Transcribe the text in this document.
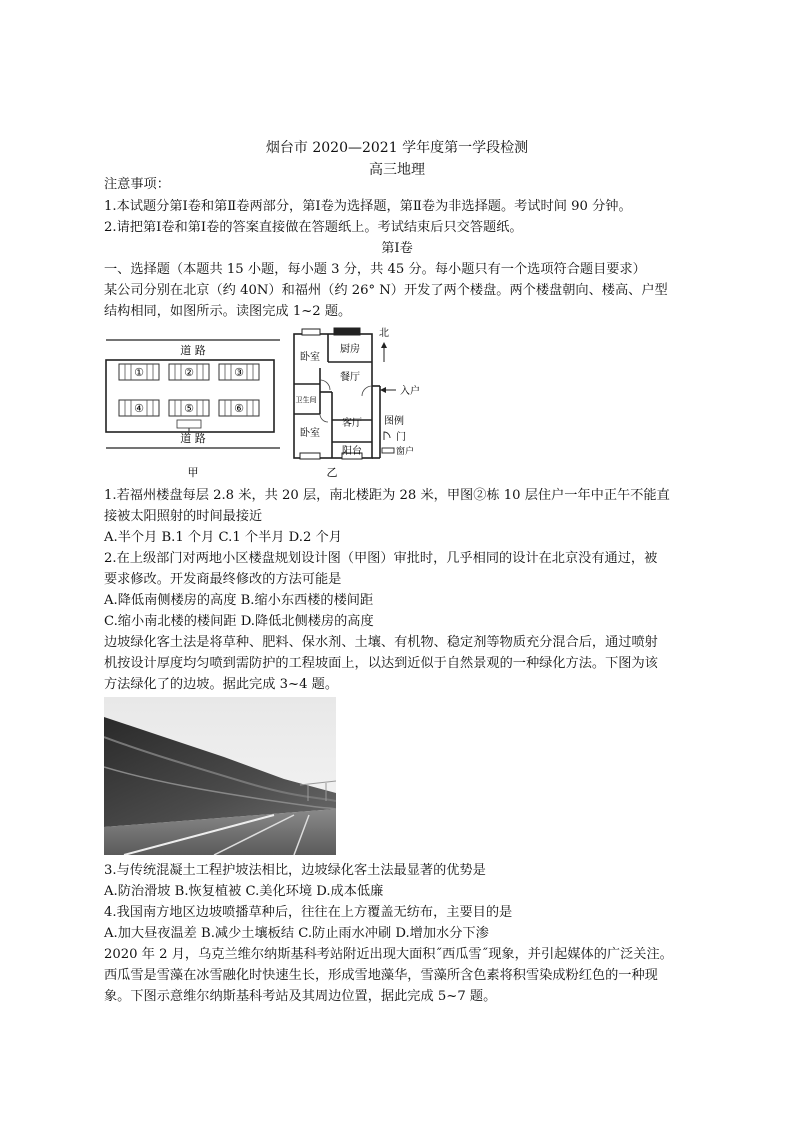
烟台市 2020—2021 学年度第一学段检测
高三地理
注意事项：
1.本试题分第Ⅰ卷和第Ⅱ卷两部分，第Ⅰ卷为选择题，第Ⅱ卷为非选择题。考试时间 90 分钟。
2.请把第Ⅰ卷和第Ⅰ卷的答案直接做在答题纸上。考试结束后只交答题纸。
第Ⅰ卷
一、选择题（本题共 15 小题，每小题 3 分，共 45 分。每小题只有一个选项符合题目要求）
某公司分别在北京（约 40N）和福州（约 26° N）开发了两个楼盘。两个楼盘朝向、楼高、户型
结构相同，如图所示。读图完成 1~2 题。
道 路
①	②	③
④	⑤	⑥
道 路
甲
厨房
卧室
餐厅
卫生间
卧室
客厅
阳台
入户
北
图例
门
窗户
乙
1.若福州楼盘每层 2.8 米，共 20 层，南北楼距为 28 米，甲图②栋 10 层住户一年中正午不能直
接被太阳照射的时间最接近
A.半个月 B.1 个月 C.1 个半月 D.2 个月
2.在上级部门对两地小区楼盘规划设计图（甲图）审批时，几乎相同的设计在北京没有通过，被
要求修改。开发商最终修改的方法可能是
A.降低南侧楼房的高度 B.缩小东西楼的楼间距
C.缩小南北楼的楼间距 D.降低北侧楼房的高度
边坡绿化客土法是将草种、肥料、保水剂、土壤、有机物、稳定剂等物质充分混合后，通过喷射
机按设计厚度均匀喷到需防护的工程坡面上，以达到近似于自然景观的一种绿化方法。下图为该
方法绿化了的边坡。据此完成 3~4 题。
3.与传统混凝土工程护坡法相比，边坡绿化客土法最显著的优势是
A.防治滑坡 B.恢复植被 C.美化环境 D.成本低廉
4.我国南方地区边坡喷播草种后，往往在上方覆盖无纺布，主要目的是
A.加大昼夜温差 B.减少土壤板结 C.防止雨水冲刷 D.增加水分下渗
2020 年 2 月，乌克兰维尔纳斯基科考站附近出现大面积˝西瓜雪˝现象，并引起媒体的广泛关注。
西瓜雪是雪藻在冰雪融化时快速生长，形成雪地藻华，雪藻所含色素将积雪染成粉红色的一种现
象。下图示意维尔纳斯基科考站及其周边位置，据此完成 5~7 题。
